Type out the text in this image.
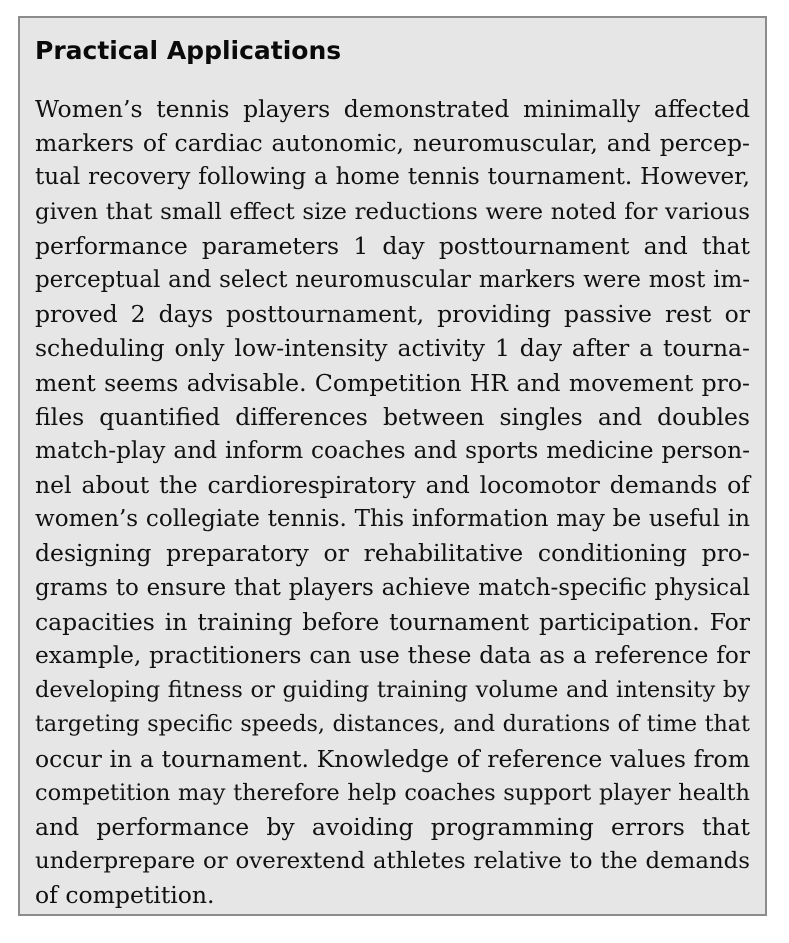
Practical Applications
Women’s tennis players demonstrated minimally affected
markers of cardiac autonomic, neuromuscular, and percep-
tual recovery following a home tennis tournament. However,
given that small effect size reductions were noted for various
performance parameters 1 day posttournament and that
perceptual and select neuromuscular markers were most im-
proved 2 days posttournament, providing passive rest or
scheduling only low-intensity activity 1 day after a tourna-
ment seems advisable. Competition HR and movement pro-
files quantified differences between singles and doubles
match-play and inform coaches and sports medicine person-
nel about the cardiorespiratory and locomotor demands of
women’s collegiate tennis. This information may be useful in
designing preparatory or rehabilitative conditioning pro-
grams to ensure that players achieve match-specific physical
capacities in training before tournament participation. For
example, practitioners can use these data as a reference for
developing fitness or guiding training volume and intensity by
targeting specific speeds, distances, and durations of time that
occur in a tournament. Knowledge of reference values from
competition may therefore help coaches support player health
and performance by avoiding programming errors that
underprepare or overextend athletes relative to the demands
of competition.
